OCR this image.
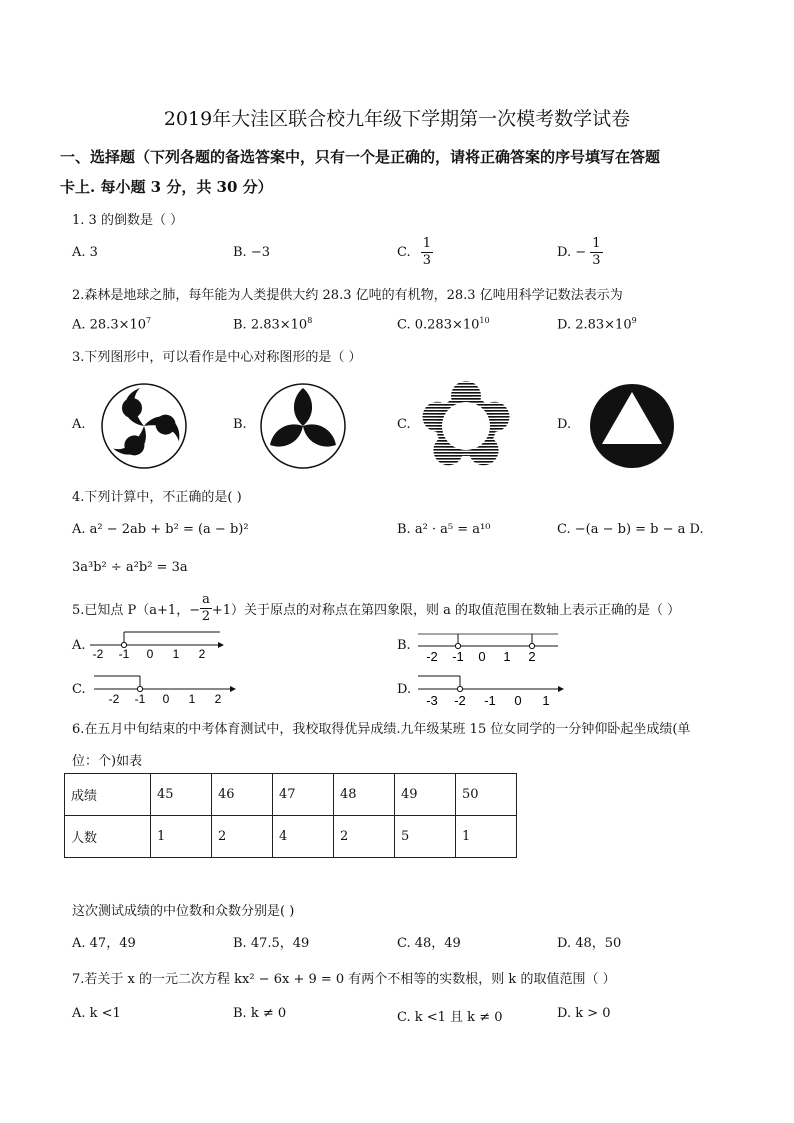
2019年大洼区联合校九年级下学期第一次模考数学试卷
一、选择题（下列各题的备选答案中，只有一个是正确的，请将正确答案的序号填写在答题
卡上. 每小题 3 分，共 30 分）
1. 3 的倒数是（ ）
A. 3	B. −3	C. $\frac{1}{3}$	D. − $\frac{1}{3}$
2.森林是地球之肺，每年能为人类提供大约 28.3 亿吨的有机物，28.3 亿吨用科学记数法表示为
A. $28.3\times 10^7$	B. $2.83\times 10^8$	C. $0.283\times 10^{10}$	D. $2.83\times 10^9$
3.下列图形中，可以看作是中心对称图形的是（ ）
A.	B.	C.	D.
4.下列计算中，不正确的是( )
A. a² − 2ab + b² = (a − b)²	B. a² · a⁵ = a¹⁰	C. −(a − b) = b − a D.
3a³b² ÷ a²b² = 3a
5.已知点 P（a+1，− $\frac{a}{2} +1$）关于原点的对称点在第四象限，则 a 的取值范围在数轴上表示正确的是（ ）
A.	B.
C.	D.
-2 -1 0 1 2	-2 -1 0 1 2
-2 -1 0 1 2	-3 -2 -1 0 1
6.在五月中旬结束的中考体育测试中，我校取得优异成绩.九年级某班 15 位女同学的一分钟仰卧起坐成绩(单
位：个)如表
成绩	45	46	47	48	49	50
人数	1	2	4	2	5	1
这次测试成绩的中位数和众数分别是( )
A. 47，49	B. 47.5，49	C. 48，49	D. 48，50
7.若关于 x 的一元二次方程 kx² − 6x + 9 = 0 有两个不相等的实数根，则 k 的取值范围（ ）
A. k <1	B. k ≠ 0	C. k <1 且 k ≠ 0	D. k > 0
